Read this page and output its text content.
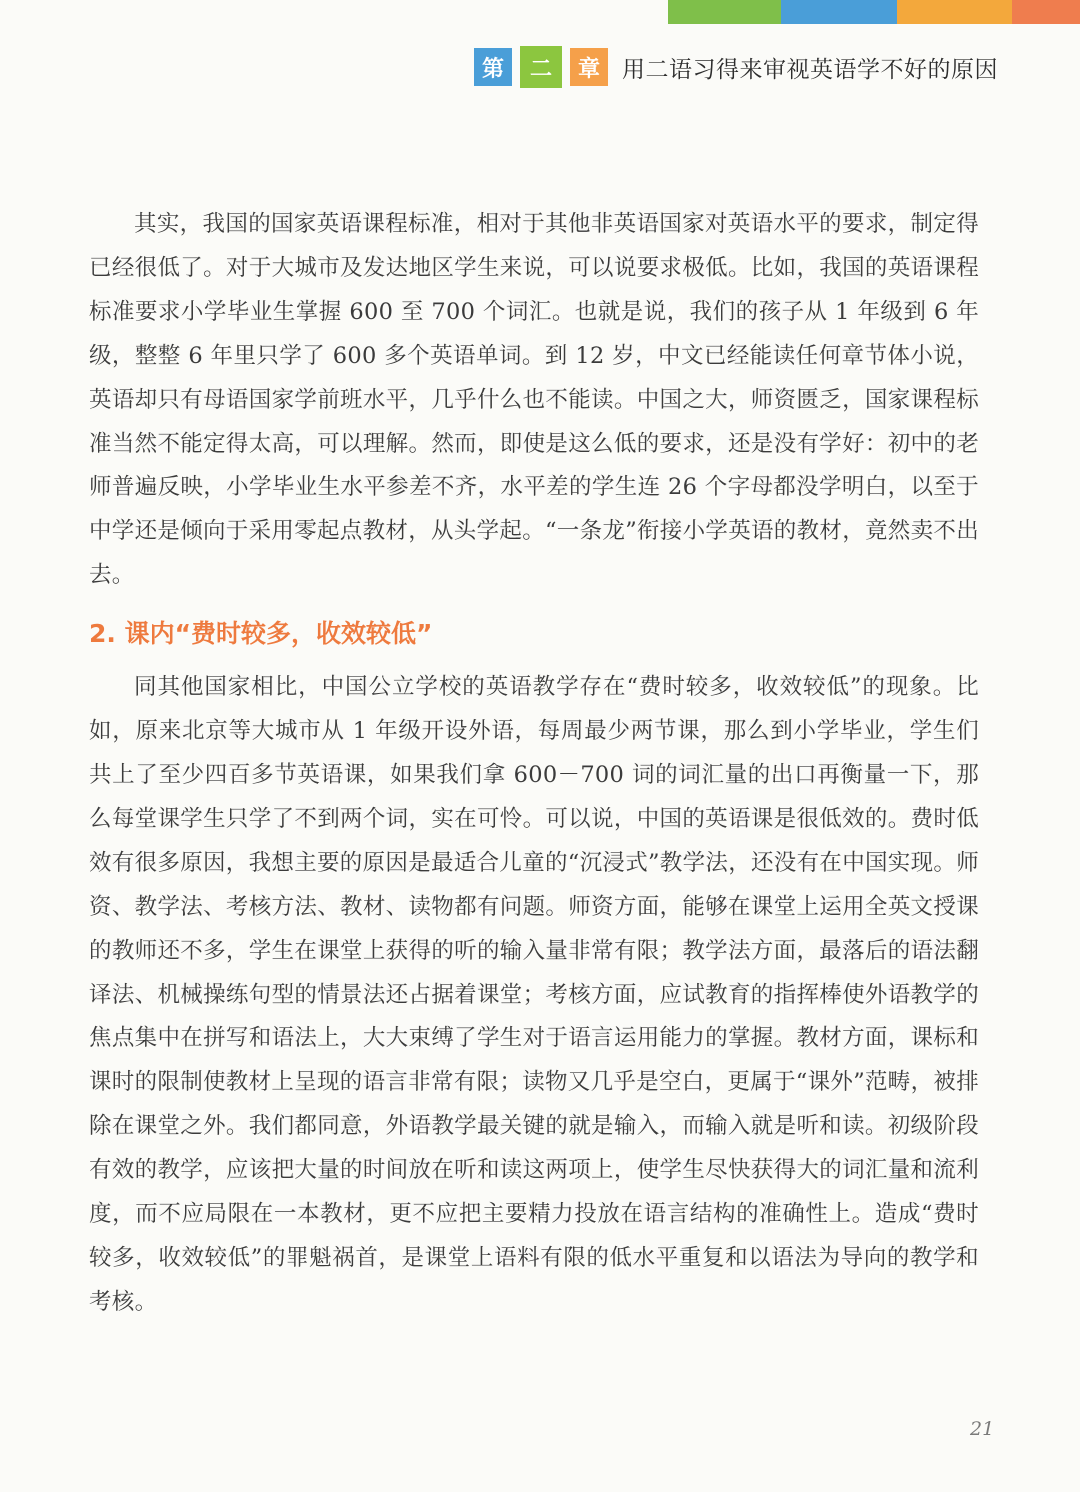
第	二	章 用二语习得来审视英语学不好的原因

其实，我国的国家英语课程标准，相对于其他非英语国家对英语水平的要求，制定得已经很低了。对于大城市及发达地区学生来说，可以说要求极低。比如，我国的英语课程标准要求小学毕业生掌握 600 至 700 个词汇。也就是说，我们的孩子从 1 年级到 6 年级，整整 6 年里只学了 600 多个英语单词。到 12 岁，中文已经能读任何章节体小说，英语却只有母语国家学前班水平，几乎什么也不能读。中国之大，师资匮乏，国家课程标准当然不能定得太高，可以理解。然而，即使是这么低的要求，还是没有学好：初中的老师普遍反映，小学毕业生水平参差不齐，水平差的学生连 26 个字母都没学明白，以至于中学还是倾向于采用零起点教材，从头学起。“一条龙”衔接小学英语的教材，竟然卖不出去。

2. 课内“费时较多，收效较低”

同其他国家相比，中国公立学校的英语教学存在“费时较多，收效较低”的现象。比如，原来北京等大城市从 1 年级开设外语，每周最少两节课，那么到小学毕业，学生们共上了至少四百多节英语课，如果我们拿 600－700 词的词汇量的出口再衡量一下，那么每堂课学生只学了不到两个词，实在可怜。可以说，中国的英语课是很低效的。费时低效有很多原因，我想主要的原因是最适合儿童的“沉浸式”教学法，还没有在中国实现。师资、教学法、考核方法、教材、读物都有问题。师资方面，能够在课堂上运用全英文授课的教师还不多，学生在课堂上获得的听的输入量非常有限；教学法方面，最落后的语法翻译法、机械操练句型的情景法还占据着课堂；考核方面，应试教育的指挥棒使外语教学的焦点集中在拼写和语法上，大大束缚了学生对于语言运用能力的掌握。教材方面，课标和课时的限制使教材上呈现的语言非常有限；读物又几乎是空白，更属于“课外”范畴，被排除在课堂之外。我们都同意，外语教学最关键的就是输入，而输入就是听和读。初级阶段有效的教学，应该把大量的时间放在听和读这两项上，使学生尽快获得大的词汇量和流利度，而不应局限在一本教材，更不应把主要精力投放在语言结构的准确性上。造成“费时较多，收效较低”的罪魁祸首，是课堂上语料有限的低水平重复和以语法为导向的教学和考核。

21
